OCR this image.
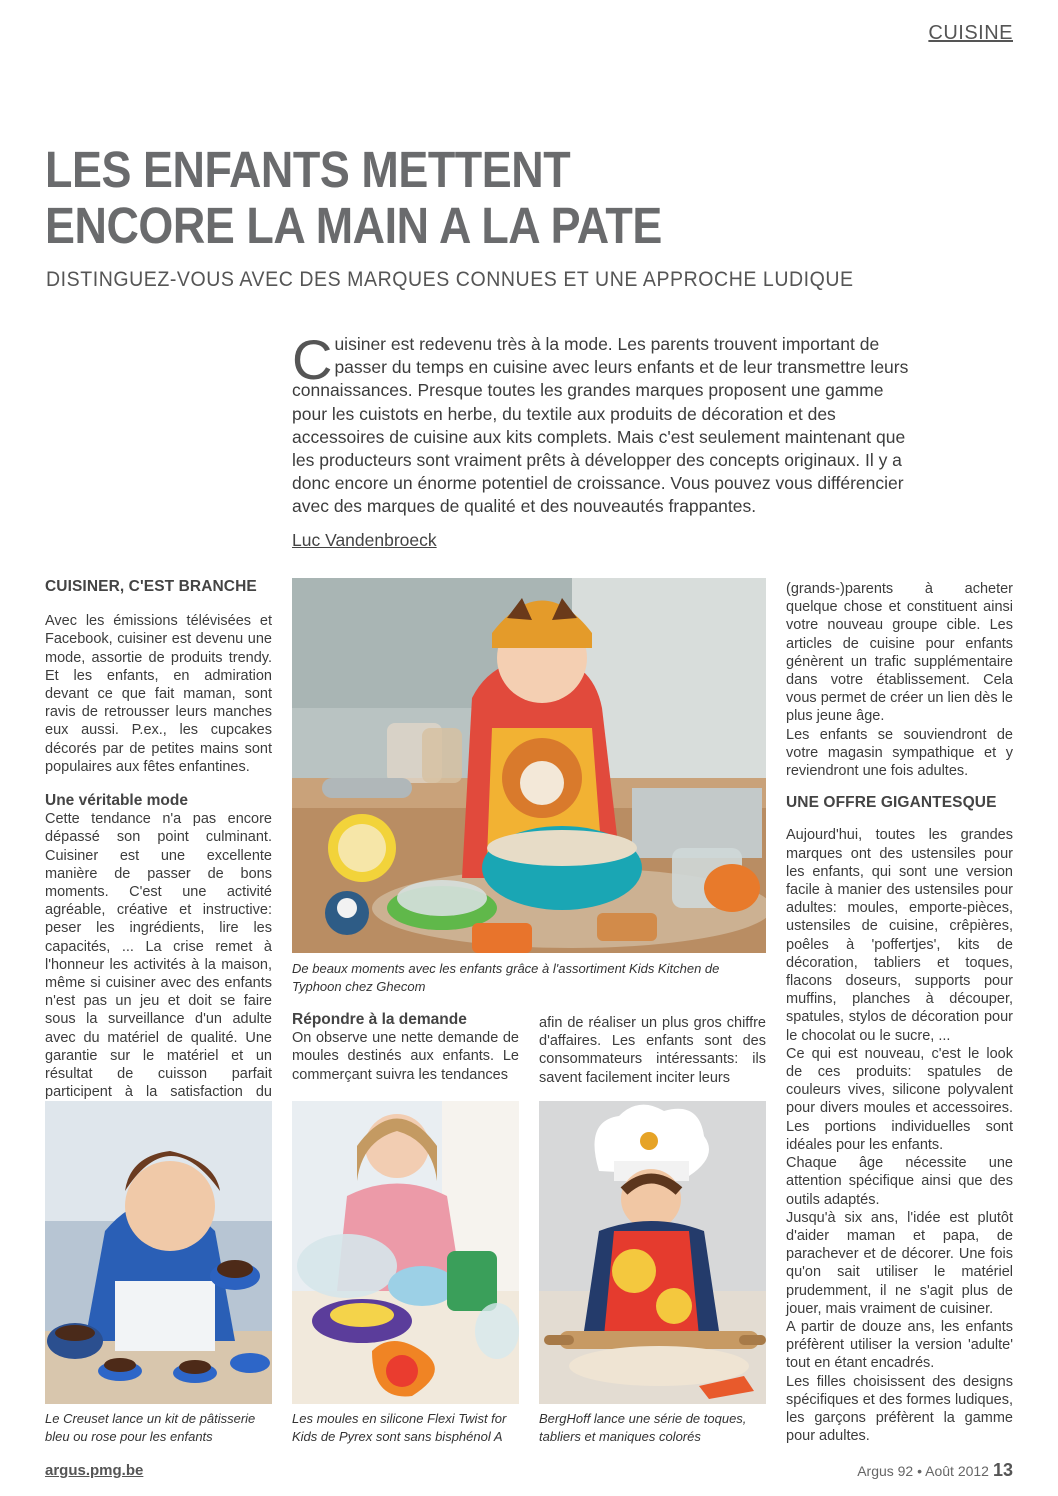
CUISINE
LES ENFANTS METTENT
ENCORE LA MAIN A LA PATE
DISTINGUEZ-VOUS AVEC DES MARQUES CONNUES ET UNE APPROCHE LUDIQUE

Cuisiner est redevenu très à la mode. Les parents trouvent important de passer du temps en cuisine avec leurs enfants et de leur transmettre leurs connaissances. Presque toutes les grandes marques proposent une gamme pour les cuistots en herbe, du textile aux produits de décoration et des accessoires de cuisine aux kits complets. Mais c'est seulement maintenant que les producteurs sont vraiment prêts à développer des concepts originaux. Il y a donc encore un énorme potentiel de croissance. Vous pouvez vous différencier avec des marques de qualité et des nouveautés frappantes.

Luc Vandenbroeck
CUISINER, C'EST BRANCHE

Avec les émissions télévisées et Facebook, cuisiner est devenu une mode, assortie de produits trendy. Et les enfants, en admiration devant ce que fait maman, sont ravis de retrousser leurs manches eux aussi. P.ex., les cupcakes décorés par de petites mains sont populaires aux fêtes enfantines.

Une véritable mode

Cette tendance n'a pas encore dépassé son point culminant. Cuisiner est une excellente manière de passer de bons moments. C'est une activité agréable, créative et instructive: peser les ingrédients, lire les capacités, ... La crise remet à l'honneur les activités à la maison, même si cuisiner avec des enfants n'est pas un jeu et doit se faire sous la surveillance d'un adulte avec du matériel de qualité. Une garantie sur le matériel et un résultat de cuisson parfait participent à la satisfaction du

De beaux moments avec les enfants grâce à l'assortiment Kids Kitchen de Typhoon chez Ghecom
Répondre à la demande

On observe une nette demande de moules destinés aux enfants. Le commerçant suivra les tendances

afin de réaliser un plus gros chiffre d'affaires. Les enfants sont des consommateurs intéressants: ils savent facilement inciter leurs

(grands-)parents à acheter quelque chose et constituent ainsi votre nouveau groupe cible. Les articles de cuisine pour enfants génèrent un trafic supplémentaire dans votre établissement. Cela vous permet de créer un lien dès le plus jeune âge.

Les enfants se souviendront de votre magasin sympathique et y reviendront une fois adultes.

UNE OFFRE GIGANTESQUE

Aujourd'hui, toutes les grandes marques ont des ustensiles pour les enfants, qui sont une version facile à manier des ustensiles pour adultes: moules, emporte-pièces, ustensiles de cuisine, crêpières, poêles à 'poffertjes', kits de décoration, tabliers et toques, flacons doseurs, supports pour muffins, planches à découper, spatules, stylos de décoration pour le chocolat ou le sucre, ...

Ce qui est nouveau, c'est le look de ces produits: spatules de couleurs vives, silicone polyvalent pour divers moules et accessoires. Les portions individuelles sont idéales pour les enfants.

Chaque âge nécessite une attention spécifique ainsi que des outils adaptés.

Jusqu'à six ans, l'idée est plutôt d'aider maman et papa, de parachever et de décorer. Une fois qu'on sait utiliser le matériel prudemment, il ne s'agit plus de jouer, mais vraiment de cuisiner.

A partir de douze ans, les enfants préfèrent utiliser la version 'adulte' tout en étant encadrés.

Les filles choisissent des designs spécifiques et des formes ludiques, les garçons préfèrent la gamme pour adultes.

Le Creuset lance un kit de pâtisserie bleu ou rose pour les enfants
Les moules en silicone Flexi Twist for Kids de Pyrex sont sans bisphénol A
BergHoff lance une série de toques, tabliers et maniques colorés
argus.pmg.be	Argus 92 • Août 2012 13
